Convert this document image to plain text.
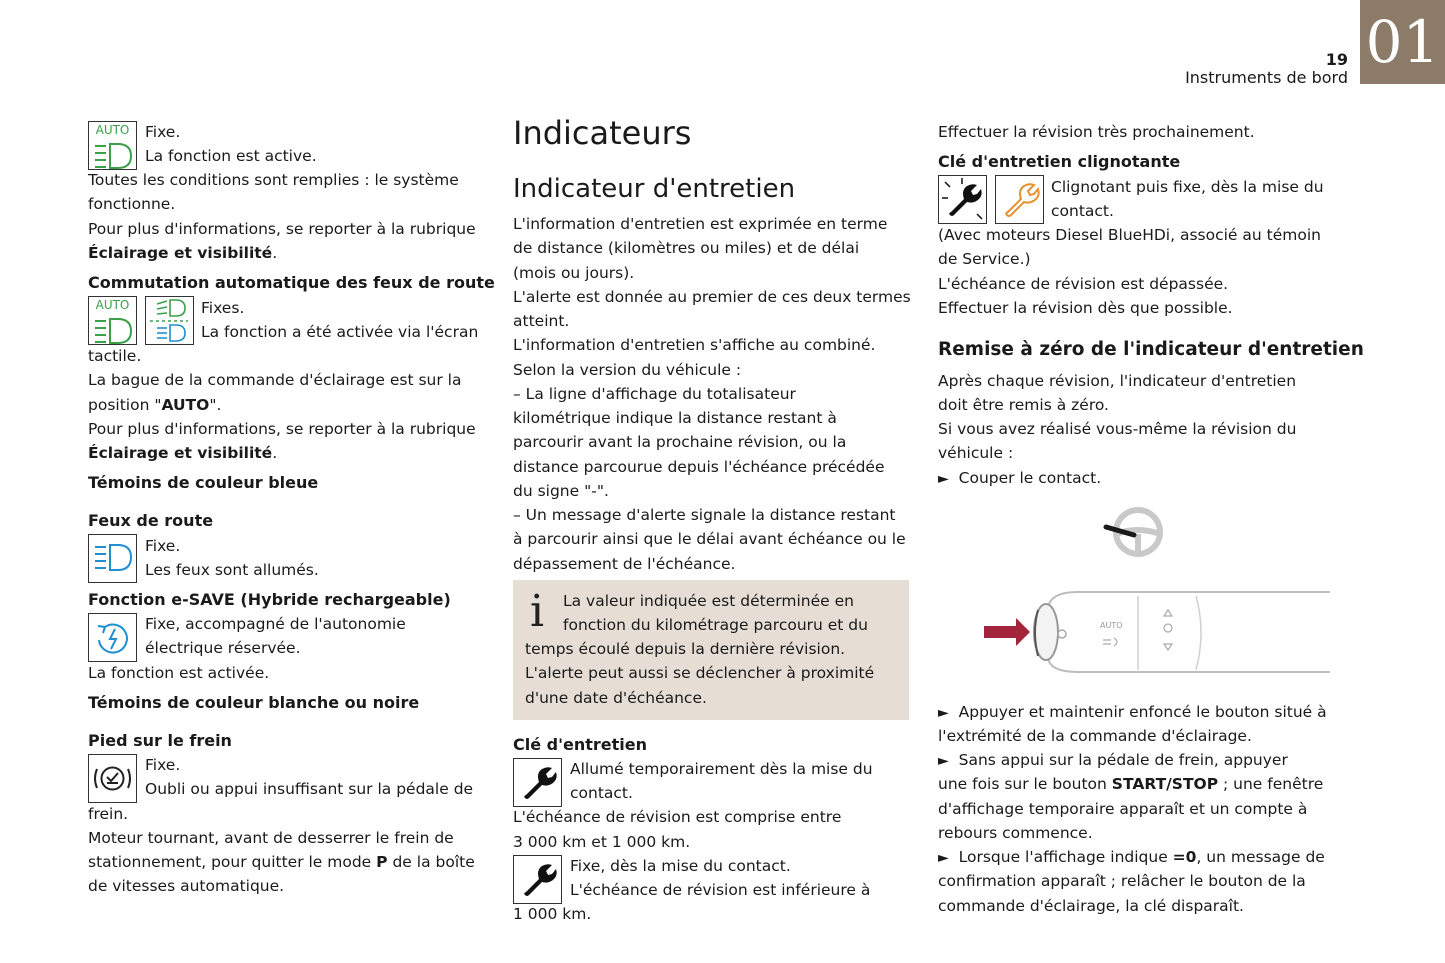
19
Instruments de bord
01
AUTO	Fixe.
La fonction est active.
Toutes les conditions sont remplies : le système
fonctionne.
Pour plus d'informations, se reporter à la rubrique
Éclairage et visibilité.
Commutation automatique des feux de route
AUTO	Fixes.
La fonction a été activée via l'écran
tactile.
La bague de la commande d'éclairage est sur la
position "AUTO".
Pour plus d'informations, se reporter à la rubrique
Éclairage et visibilité.
Témoins de couleur bleue
Feux de route
Fixe.
Les feux sont allumés.
Fonction e-SAVE (Hybride rechargeable)
Fixe, accompagné de l'autonomie
électrique réservée.
La fonction est activée.
Témoins de couleur blanche ou noire
Pied sur le frein
Fixe.
Oubli ou appui insuffisant sur la pédale de
frein.
Moteur tournant, avant de desserrer le frein de
stationnement, pour quitter le mode P de la boîte
de vitesses automatique.
Indicateurs
Indicateur d'entretien
L'information d'entretien est exprimée en terme
de distance (kilomètres ou miles) et de délai
(mois ou jours).
L'alerte est donnée au premier de ces deux termes
atteint.
L'information d'entretien s'affiche au combiné.
Selon la version du véhicule :
– La ligne d'affichage du totalisateur
kilométrique indique la distance restant à
parcourir avant la prochaine révision, ou la
distance parcourue depuis l'échéance précédée
du signe "-".
– Un message d'alerte signale la distance restant
à parcourir ainsi que le délai avant échéance ou le
dépassement de l'échéance.
i La valeur indiquée est déterminée en
fonction du kilométrage parcouru et du
temps écoulé depuis la dernière révision.
L'alerte peut aussi se déclencher à proximité
d'une date d'échéance.
Clé d'entretien
Allumé temporairement dès la mise du
contact.
L'échéance de révision est comprise entre
3 000 km et 1 000 km.
Fixe, dès la mise du contact.
L'échéance de révision est inférieure à
1 000 km.
Effectuer la révision très prochainement.
Clé d'entretien clignotante
Clignotant puis fixe, dès la mise du
contact.
(Avec moteurs Diesel BlueHDi, associé au témoin
de Service.)
L'échéance de révision est dépassée.
Effectuer la révision dès que possible.
Remise à zéro de l'indicateur d'entretien
Après chaque révision, l'indicateur d'entretien
doit être remis à zéro.
Si vous avez réalisé vous-même la révision du
véhicule :
► Couper le contact.
AUTO
► Appuyer et maintenir enfoncé le bouton situé à
l'extrémité de la commande d'éclairage.
► Sans appui sur la pédale de frein, appuyer
une fois sur le bouton START/STOP ; une fenêtre
d'affichage temporaire apparaît et un compte à
rebours commence.
► Lorsque l'affichage indique =0, un message de
confirmation apparaît ; relâcher le bouton de la
commande d'éclairage, la clé disparaît.
